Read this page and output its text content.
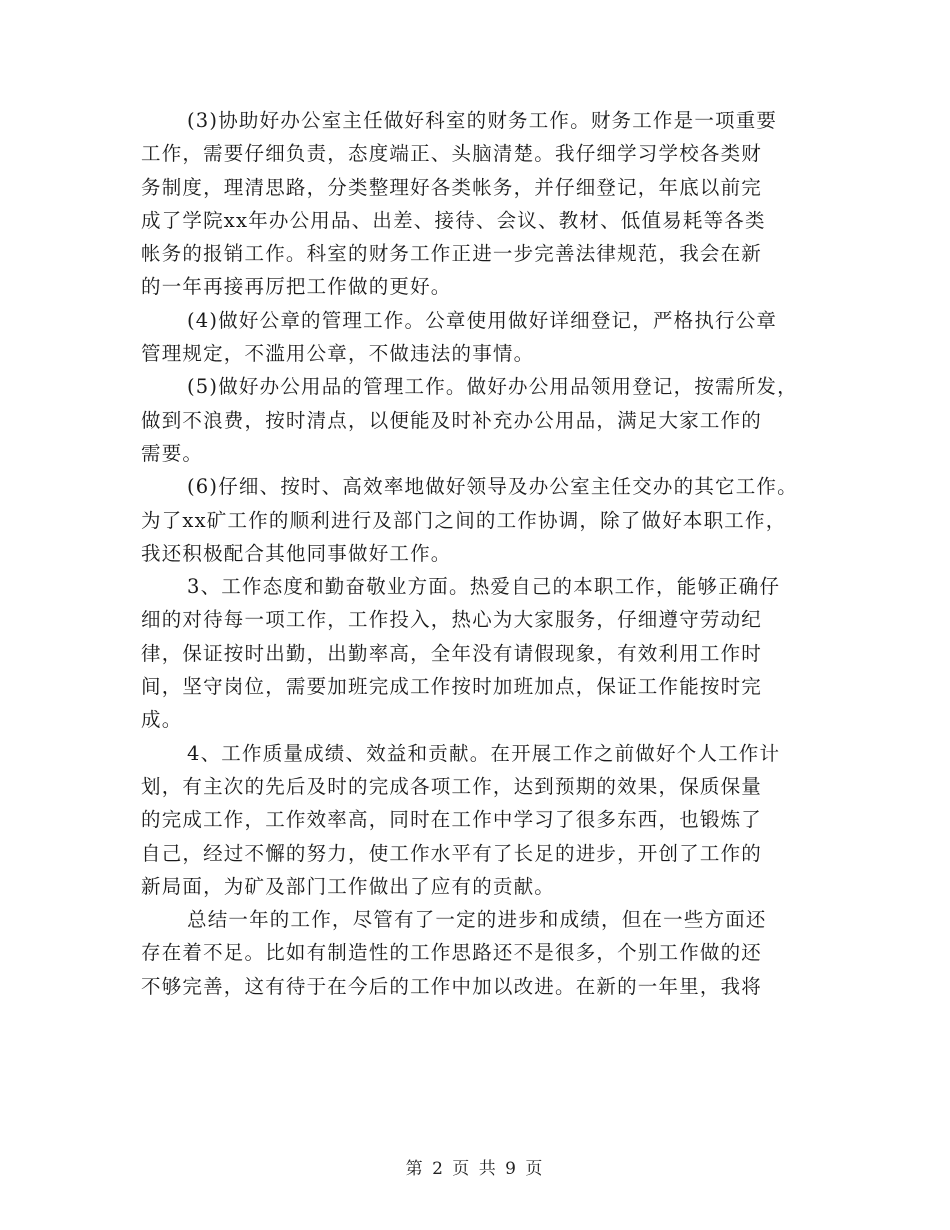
(3)协助好办公室主任做好科室的财务工作。财务工作是一项重要
工作，需要仔细负责，态度端正、头脑清楚。我仔细学习学校各类财
务制度，理清思路，分类整理好各类帐务，并仔细登记，年底以前完
成了学院xx年办公用品、出差、接待、会议、教材、低值易耗等各类
帐务的报销工作。科室的财务工作正进一步完善法律规范，我会在新
的一年再接再厉把工作做的更好。
(4)做好公章的管理工作。公章使用做好详细登记，严格执行公章
管理规定，不滥用公章，不做违法的事情。
(5)做好办公用品的管理工作。做好办公用品领用登记，按需所发，
做到不浪费，按时清点，以便能及时补充办公用品，满足大家工作的
需要。
(6)仔细、按时、高效率地做好领导及办公室主任交办的其它工作。
为了xx矿工作的顺利进行及部门之间的工作协调，除了做好本职工作，
我还积极配合其他同事做好工作。
3、工作态度和勤奋敬业方面。热爱自己的本职工作，能够正确仔
细的对待每一项工作，工作投入，热心为大家服务，仔细遵守劳动纪
律，保证按时出勤，出勤率高，全年没有请假现象，有效利用工作时
间，坚守岗位，需要加班完成工作按时加班加点，保证工作能按时完
成。
4、工作质量成绩、效益和贡献。在开展工作之前做好个人工作计
划，有主次的先后及时的完成各项工作，达到预期的效果，保质保量
的完成工作，工作效率高，同时在工作中学习了很多东西，也锻炼了
自己，经过不懈的努力，使工作水平有了长足的进步，开创了工作的
新局面，为矿及部门工作做出了应有的贡献。
总结一年的工作，尽管有了一定的进步和成绩，但在一些方面还
存在着不足。比如有制造性的工作思路还不是很多，个别工作做的还
不够完善，这有待于在今后的工作中加以改进。在新的一年里，我将
第 2 页 共 9 页
